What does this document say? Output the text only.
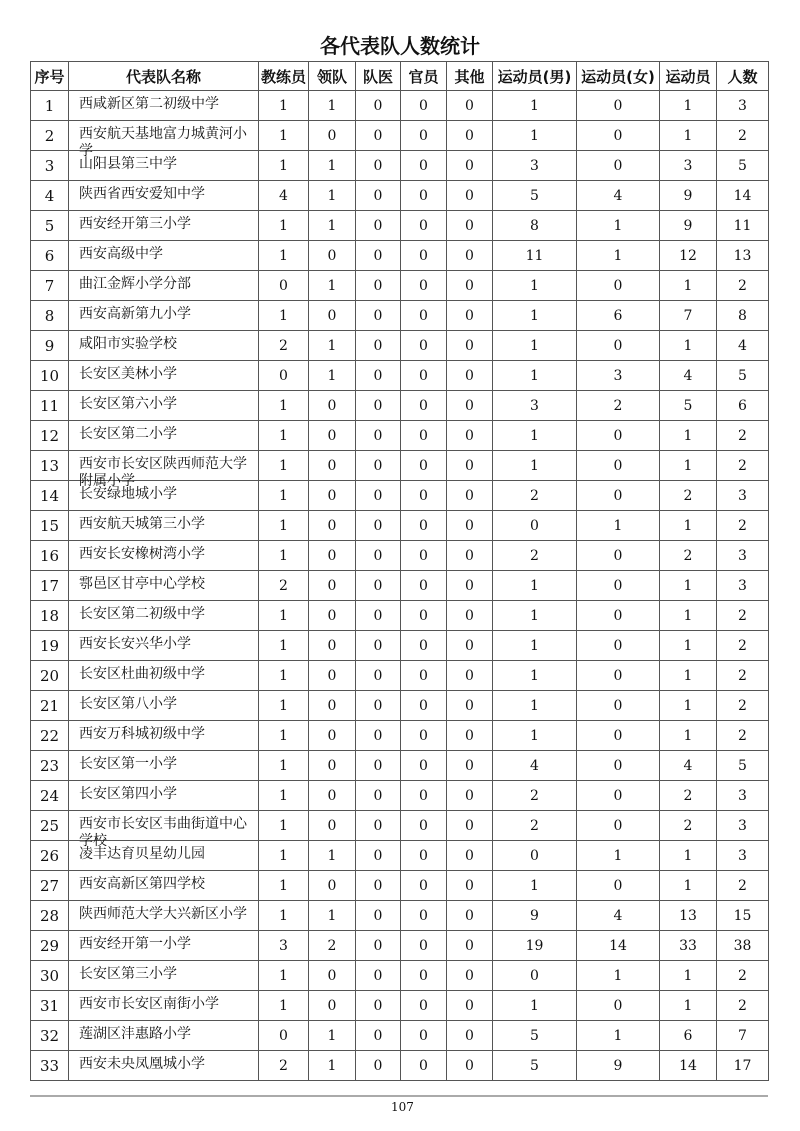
各代表队人数统计
序号	代表队名称	教练员	领队	队医	官员	其他	运动员(男)	运动员(女)	运动员	人数
1	西咸新区第二初级中学	1	1	0	0	0	1	0	1	3
2	西安航天基地富力城黄河小学	1	0	0	0	0	1	0	1	2
3	山阳县第三中学	1	1	0	0	0	3	0	3	5
4	陕西省西安爱知中学	4	1	0	0	0	5	4	9	14
5	西安经开第三小学	1	1	0	0	0	8	1	9	11
6	西安高级中学	1	0	0	0	0	11	1	12	13
7	曲江金辉小学分部	0	1	0	0	0	1	0	1	2
8	西安高新第九小学	1	0	0	0	0	1	6	7	8
9	咸阳市实验学校	2	1	0	0	0	1	0	1	4
10	长安区美林小学	0	1	0	0	0	1	3	4	5
11	长安区第六小学	1	0	0	0	0	3	2	5	6
12	长安区第二小学	1	0	0	0	0	1	0	1	2
13	西安市长安区陕西师范大学附属小学	1	0	0	0	0	1	0	1	2
14	长安绿地城小学	1	0	0	0	0	2	0	2	3
15	西安航天城第三小学	1	0	0	0	0	0	1	1	2
16	西安长安橡树湾小学	1	0	0	0	0	2	0	2	3
17	鄠邑区甘亭中心学校	2	0	0	0	0	1	0	1	3
18	长安区第二初级中学	1	0	0	0	0	1	0	1	2
19	西安长安兴华小学	1	0	0	0	0	1	0	1	2
20	长安区杜曲初级中学	1	0	0	0	0	1	0	1	2
21	长安区第八小学	1	0	0	0	0	1	0	1	2
22	西安万科城初级中学	1	0	0	0	0	1	0	1	2
23	长安区第一小学	1	0	0	0	0	4	0	4	5
24	长安区第四小学	1	0	0	0	0	2	0	2	3
25	西安市长安区韦曲街道中心学校	1	0	0	0	0	2	0	2	3
26	凌丰达育贝星幼儿园	1	1	0	0	0	0	1	1	3
27	西安高新区第四学校	1	0	0	0	0	1	0	1	2
28	陕西师范大学大兴新区小学	1	1	0	0	0	9	4	13	15
29	西安经开第一小学	3	2	0	0	0	19	14	33	38
30	长安区第三小学	1	0	0	0	0	0	1	1	2
31	西安市长安区南街小学	1	0	0	0	0	1	0	1	2
32	莲湖区沣惠路小学	0	1	0	0	0	5	1	6	7
33	西安未央凤凰城小学	2	1	0	0	0	5	9	14	17
107
